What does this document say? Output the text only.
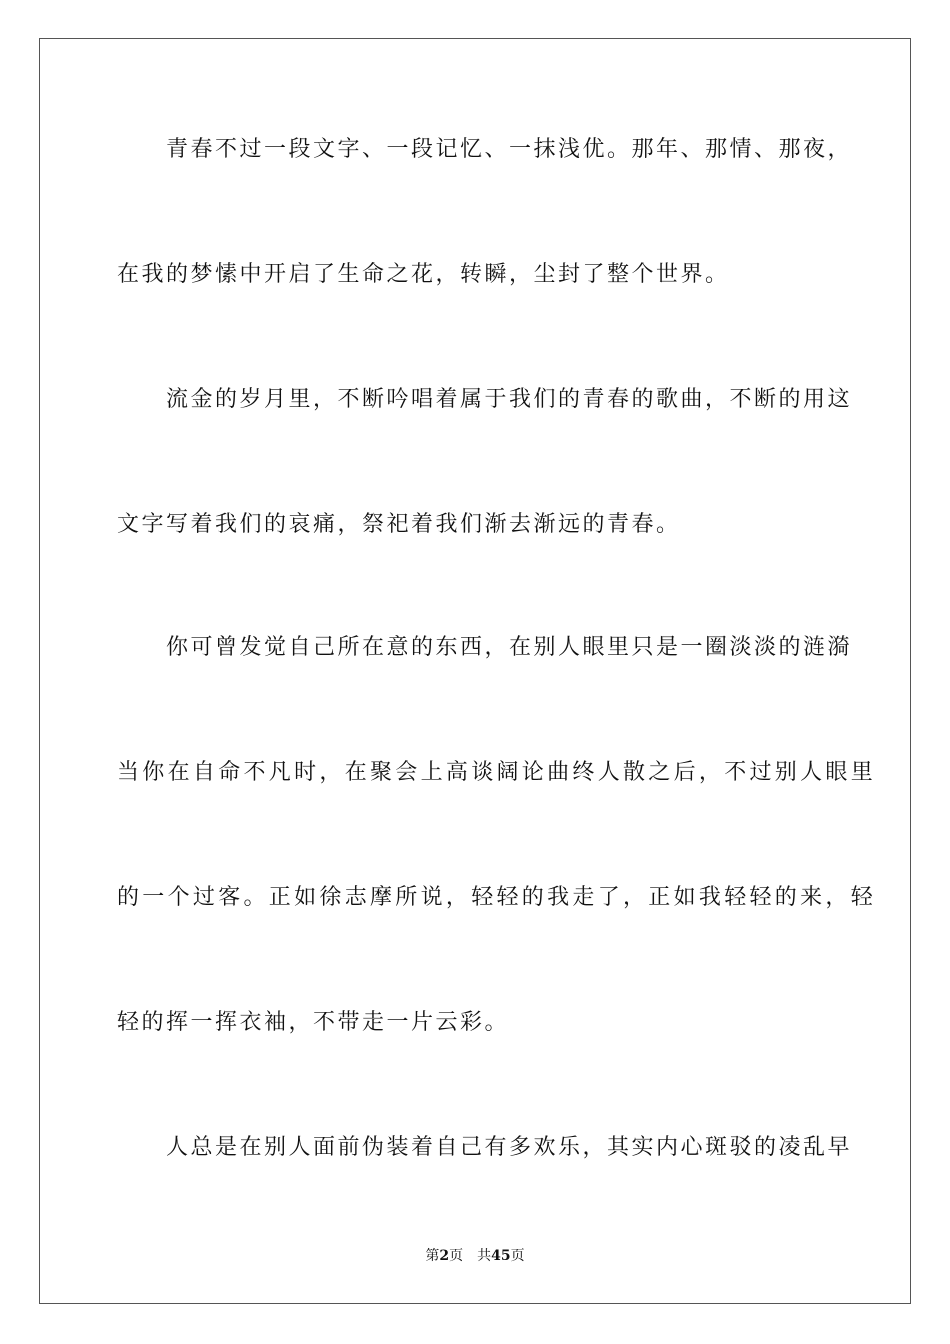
　　青春不过一段文字、一段记忆、一抹浅优。那年、那情、那夜，
在我的梦愫中开启了生命之花，转瞬，尘封了整个世界。
　　流金的岁月里，不断吟唱着属于我们的青春的歌曲，不断的用这
文字写着我们的哀痛，祭祀着我们渐去渐远的青春。
　　你可曾发觉自己所在意的东西，在别人眼里只是一圈淡淡的涟漪
当你在自命不凡时，在聚会上高谈阔论曲终人散之后，不过别人眼里
的一个过客。正如徐志摩所说，轻轻的我走了，正如我轻轻的来，轻
轻的挥一挥衣袖，不带走一片云彩。
　　人总是在别人面前伪装着自己有多欢乐，其实内心斑驳的凌乱早
第2页 共45页
